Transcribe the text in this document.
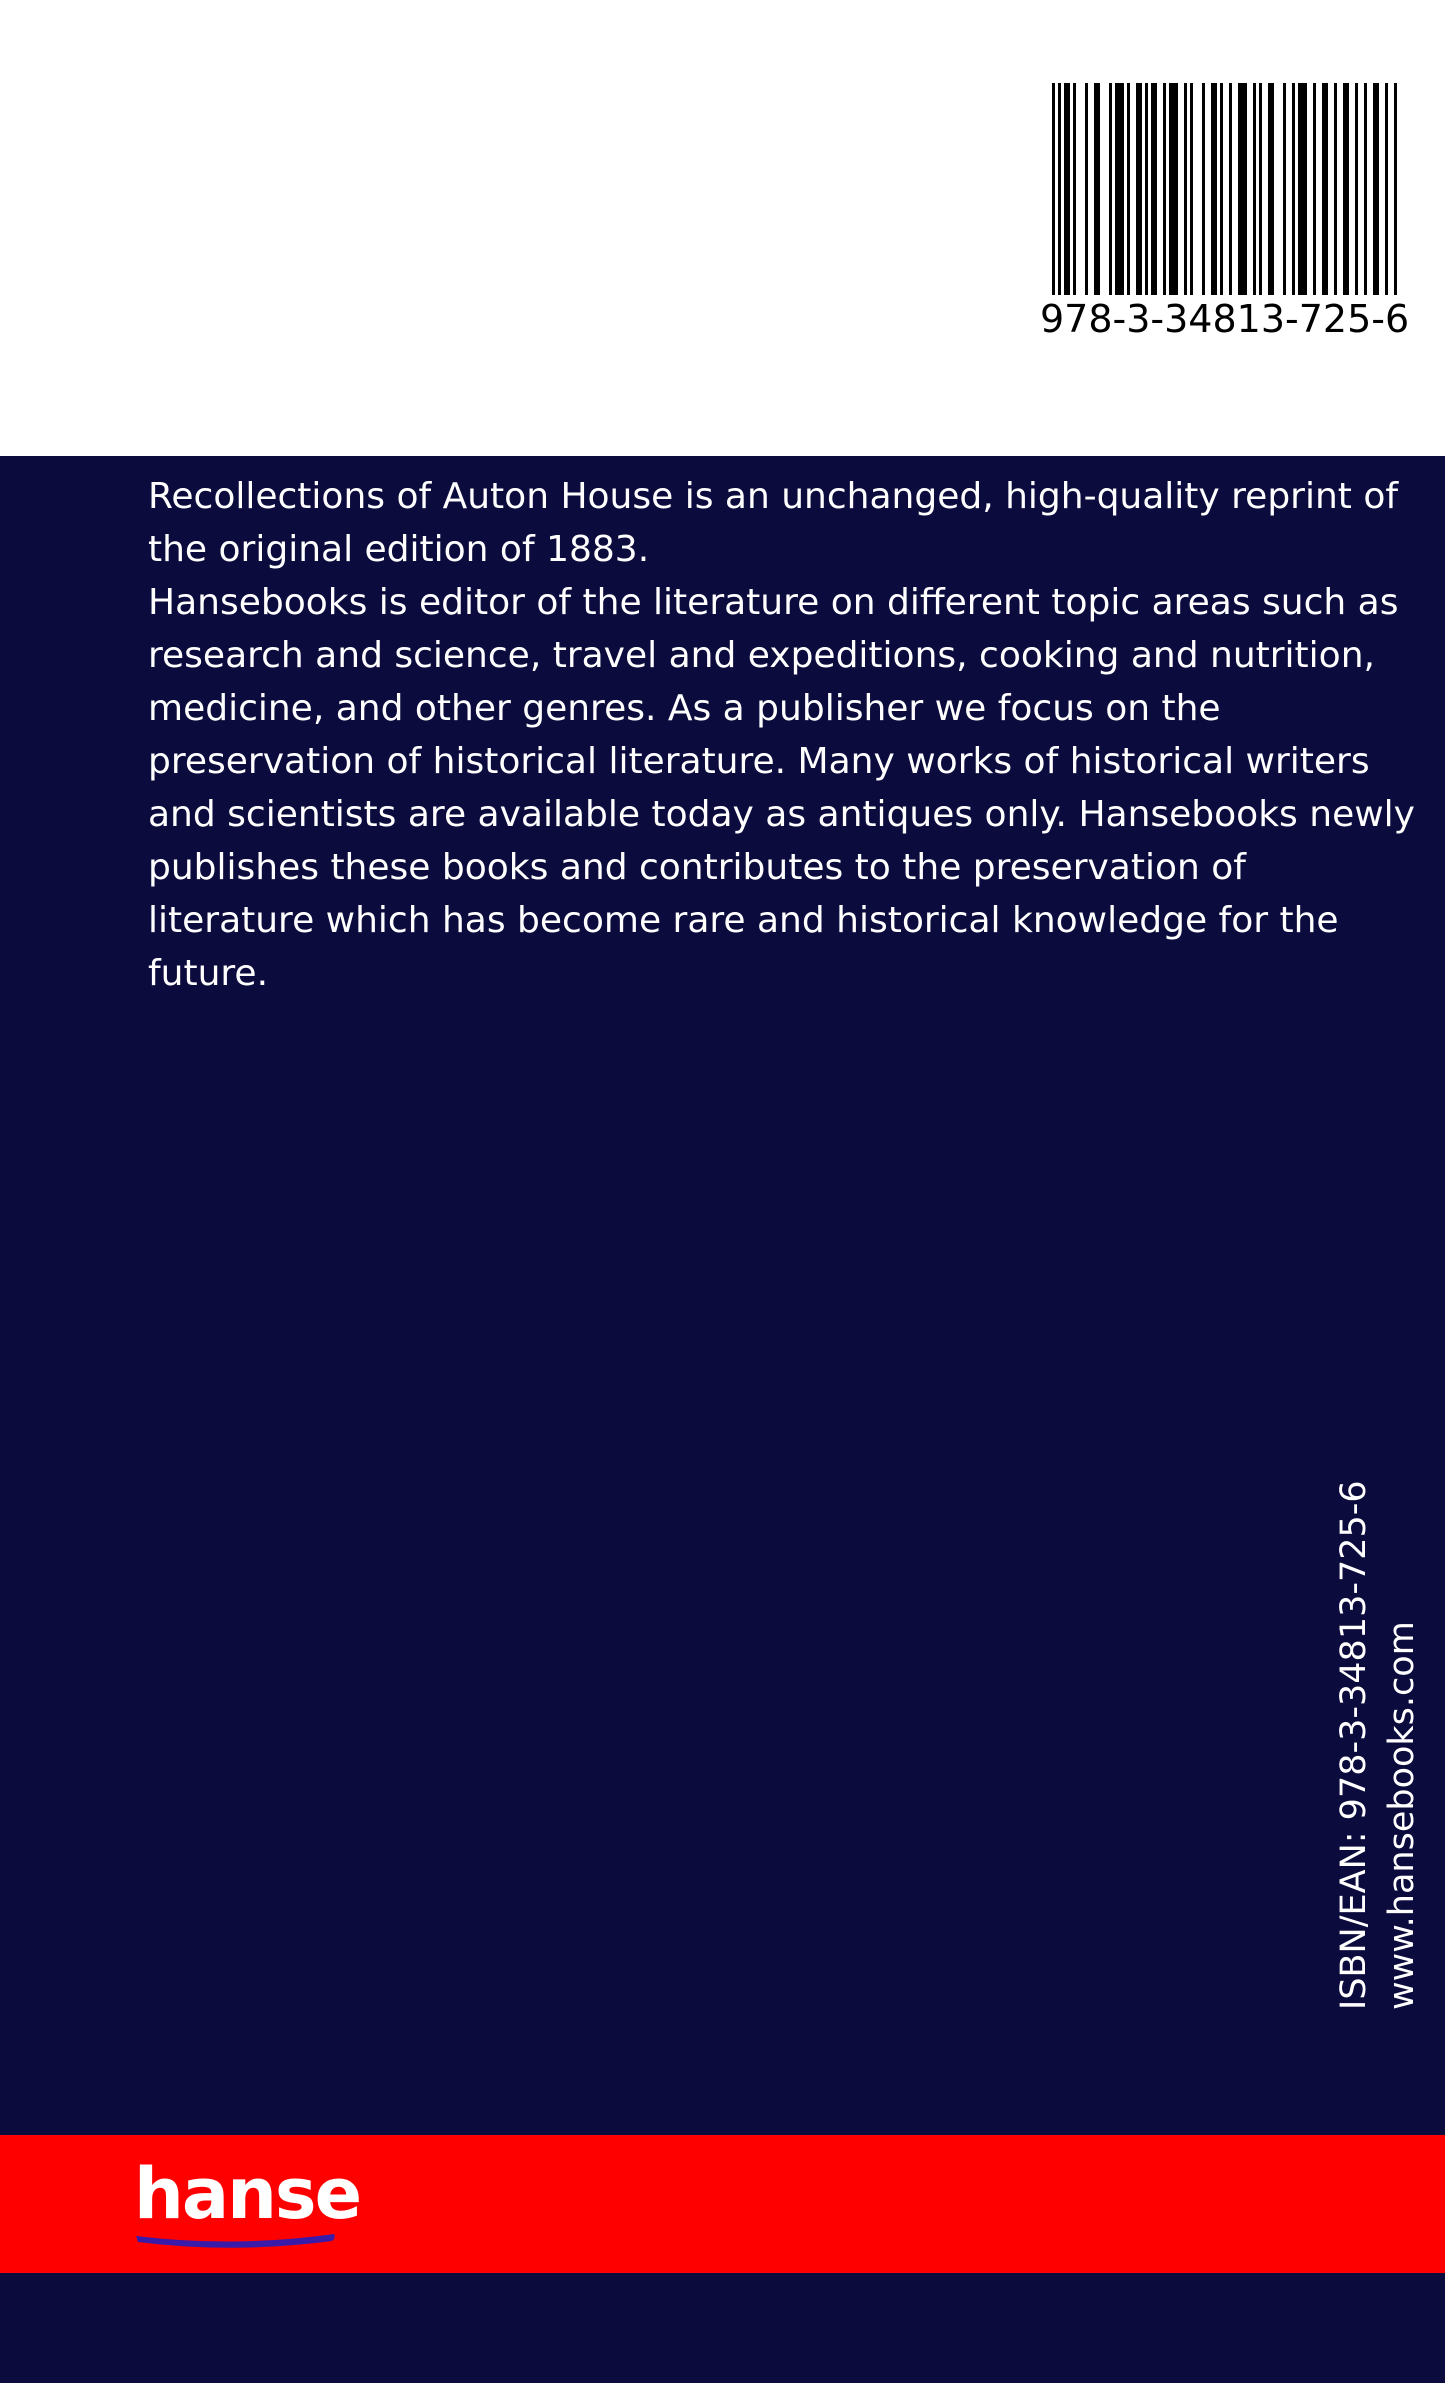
978-3-34813-725-6

Recollections of Auton House is an unchanged, high-quality reprint of the original edition of 1883.

Hansebooks is editor of the literature on different topic areas such as research and science, travel and expeditions, cooking and nutrition, medicine, and other genres. As a publisher we focus on the preservation of historical literature. Many works of historical writers and scientists are available today as antiques only. Hansebooks newly publishes these books and contributes to the preservation of literature which has become rare and historical knowledge for the future.

ISBN/EAN: 978-3-34813-725-6 www.hansebooks.com
hanse
